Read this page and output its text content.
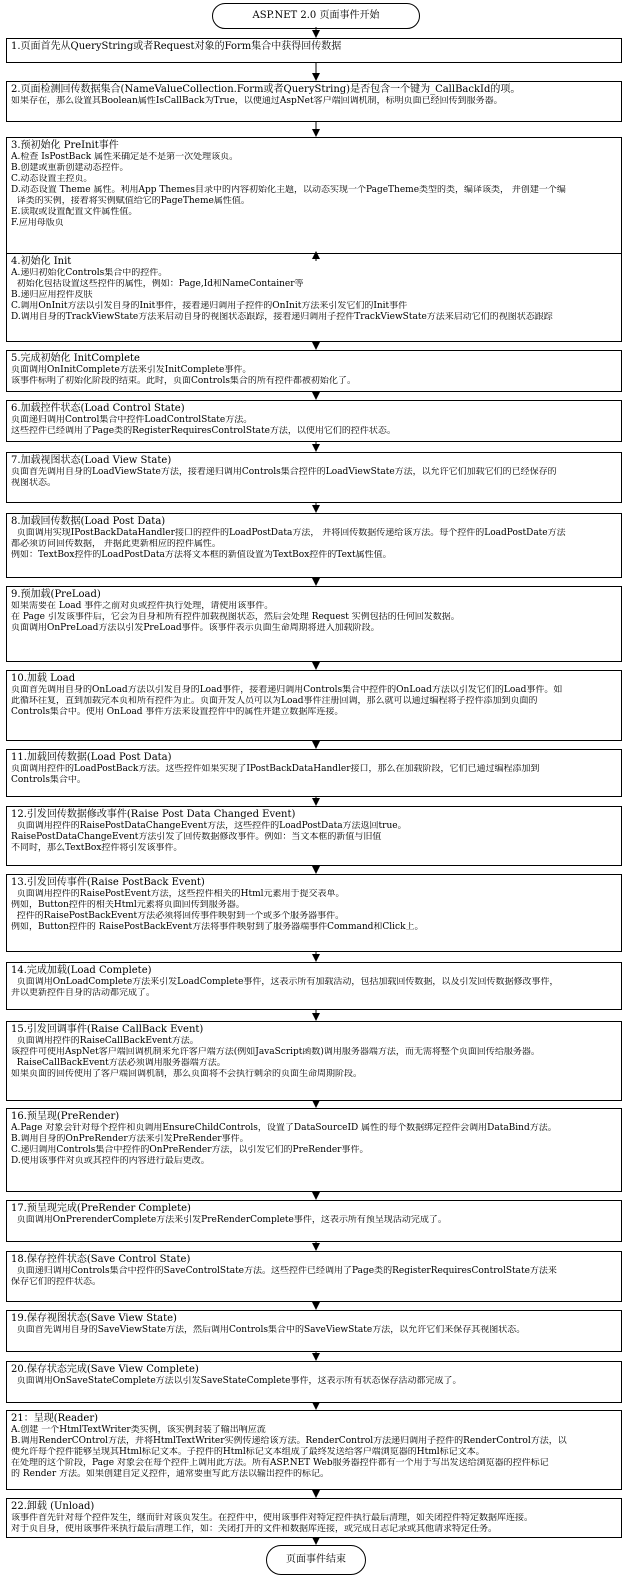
ASP.NET 2.0 页面事件开始
1.页面首先从QueryString或者Request对象的Form集合中获得回传数据
2.页面检测回传数据集合(NameValueCollection.Form或者QueryString)是否包含一个键为_CallBackId的项。
如果存在，那么设置其Boolean属性IsCallBack为True，以便通过AspNet客户端回调机制，标明页面已经回传到服务器。
3.预初始化 PreInit事件
A.检查 IsPostBack 属性来确定是不是第一次处理该页。
B.创建或重新创建动态控件。
C.动态设置主控页。
D.动态设置 Theme 属性。利用App Themes目录中的内容初始化主题，以动态实现一个PageTheme类型的类，编译该类， 并创建一个编
译类的实例，接着将实例赋值给它的PageTheme属性值。
E.读取或设置配置文件属性值。
F.应用母版页
4.初始化 Init
A.递归初始化Controls集合中的控件。
初始化包括设置这些控件的属性，例如：Page,Id和NameContainer等
B.递归应用控件皮肤
C.调用OnInit方法以引发自身的Init事件，接着递归调用子控件的OnInit方法来引发它们的Init事件
D.调用自身的TrackViewState方法来启动自身的视图状态跟踪，接着递归调用子控件TrackViewState方法来启动它们的视图状态跟踪
5.完成初始化 InitComplete
页面调用OnInitComplete方法来引发InitComplete事件。
该事件标明了初始化阶段的结束。此时，页面Controls集合的所有控件都被初始化了。
6.加载控件状态(Load Control State)
页面递归调用Control集合中控件LoadControlState方法。
这些控件已经调用了Page类的RegisterRequiresControlState方法，以使用它们的控件状态。
7.加载视图状态(Load View State)
页面首先调用自身的LoadViewState方法，接着递归调用Controls集合控件的LoadViewState方法，以允许它们加载它们的已经保存的
视图状态。
8.加载回传数据(Load Post Data)
页面调用实现IPostBackDataHandler接口的控件的LoadPostData方法， 并将回传数据传递给该方法。每个控件的LoadPostDate方法
都必须访问回传数据， 并据此更新相应的控件属性。
例如：TextBox控件的LoadPostData方法将文本框的新值设置为TextBox控件的Text属性值。
9.预加载(PreLoad)
如果需要在 Load 事件之前对页或控件执行处理，请使用该事件。
在 Page 引发该事件后，它会为自身和所有控件加载视图状态，然后会处理 Request 实例包括的任何回发数据。
页面调用OnPreLoad方法以引发PreLoad事件。该事件表示页面生命周期将进入加载阶段。
10.加载 Load
页面首先调用自身的OnLoad方法以引发自身的Load事件，接着递归调用Controls集合中控件的OnLoad方法以引发它们的Load事件。如
此循环往复，直到加载完本页和所有控件为止。页面开发人员可以为Load事件注册回调，那么就可以通过编程将子控件添加到页面的
Controls集合中。使用 OnLoad 事件方法来设置控件中的属性并建立数据库连接。
11.加载回传数据(Load Post Data)
页面调用控件的LoadPostBack方法。这些控件如果实现了IPostBackDataHandler接口，那么在加载阶段，它们已通过编程添加到
Controls集合中。
12.引发回传数据修改事件(Raise Post Data Changed Event)
页面调用控件的RaisePostDataChangeEvent方法，这些控件的LoadPostData方法返回true。
RaisePostDataChangeEvent方法引发了回传数据修改事件。例如：当文本框的新值与旧值
不同时，那么TextBox控件将引发该事件。
13.引发回传事件(Raise PostBack Event)
页面调用控件的RaisePostEvent方法，这些控件相关的Html元素用于提交表单。
例如，Button控件的相关Html元素将页面回传到服务器。
控件的RaisePostBackEvent方法必须将回传事件映射到一个或多个服务器事件。
例如，Button控件的 RaisePostBackEvent方法将事件映射到了服务器端事件Command和Click上。
14.完成加载(Load Complete)
页面调用OnLoadComplete方法来引发LoadComplete事件，这表示所有加载活动，包括加载回传数据，以及引发回传数据修改事件，
并以更新控件自身的活动都完成了。
15.引发回调事件(Raise CallBack Event)
页面调用控件的RaiseCallBackEvent方法。
该控件可使用AspNet客户端回调机制来允许客户端方法(例如JavaScript函数)调用服务器端方法，而无需将整个页面回传给服务器。
RaiseCallBackEvent方法必须调用服务器端方法。
如果页面的回传使用了客户端回调机制，那么页面将不会执行剩余的页面生命周期阶段。
16.预呈现(PreRender)
A.Page 对象会针对每个控件和页调用EnsureChildControls，设置了DataSourceID 属性的每个数据绑定控件会调用DataBind方法。
B.调用自身的OnPreRender方法来引发PreRender事件。
C.递归调用Controls集合中控件的OnPreRender方法，以引发它们的PreRender事件。
D.使用该事件对页或其控件的内容进行最后更改。
17.预呈现完成(PreRender Complete)
页面调用OnPrerenderComplete方法来引发PreRenderComplete事件，这表示所有预呈现活动完成了。
18.保存控件状态(Save Control State)
页面递归调用Controls集合中控件的SaveControlState方法。这些控件已经调用了Page类的RegisterRequiresControlState方法来
保存它们的控件状态。
19.保存视图状态(Save View State)
页面首先调用自身的SaveViewState方法，然后调用Controls集合中的SaveViewState方法，以允许它们来保存其视图状态。
20.保存状态完成(Save View Complete)
页面调用OnSaveStateComplete方法以引发SaveStateComplete事件，这表示所有状态保存活动都完成了。
21：呈现(Reader)
A.创建 一个HtmlTextWriter类实例，该实例封装了输出响应流
B.调用RenderCOntrol方法，并将HtmlTextWriter实例传递给该方法。RenderControl方法递归调用子控件的RenderControl方法，以
便允许每个控件能够呈现其Html标记文本。子控件的Html标记文本组成了最终发送给客户端浏览器的Html标记文本。
在处理的这个阶段，Page 对象会在每个控件上调用此方法。所有ASP.NET Web服务器控件都有一个用于写出发送给浏览器的控件标记
的 Render 方法。如果创建自定义控件，通常要重写此方法以输出控件的标记。
22.卸载 (Unload)
该事件首先针对每个控件发生，继而针对该页发生。在控件中，使用该事件对特定控件执行最后清理，如关闭控件特定数据库连接。
对于页自身，使用该事件来执行最后清理工作，如：关闭打开的文件和数据库连接，或完成日志记录或其他请求特定任务。
页面事件结束
